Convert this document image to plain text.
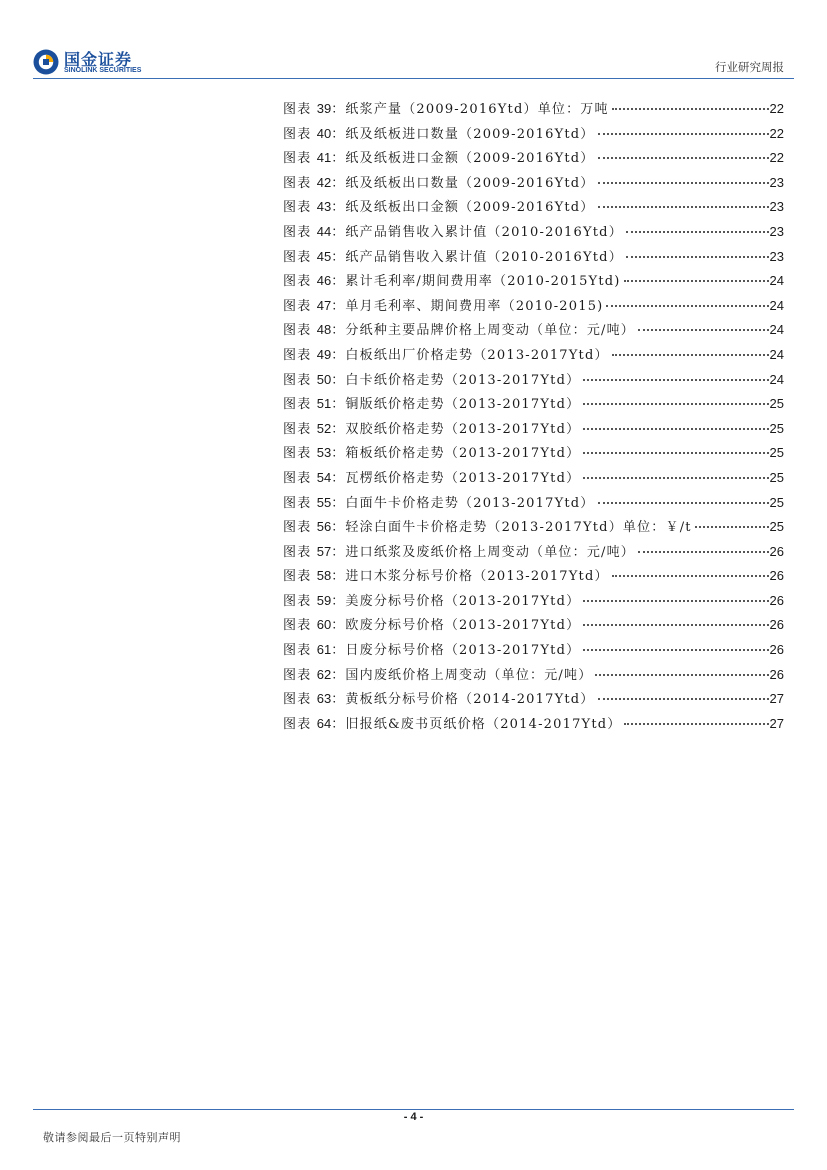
国金证券
SINOLINK SECURITIES	行业研究周报
图表 39：纸浆产量（2009-2016Ytd）单位：万吨	22
图表 40：纸及纸板进口数量（2009-2016Ytd）	22
图表 41：纸及纸板进口金额（2009-2016Ytd）	22
图表 42：纸及纸板出口数量（2009-2016Ytd）	23
图表 43：纸及纸板出口金额（2009-2016Ytd）	23
图表 44：纸产品销售收入累计值（2010-2016Ytd）	23
图表 45：纸产品销售收入累计值（2010-2016Ytd）	23
图表 46：累计毛利率/期间费用率（2010-2015Ytd)	24
图表 47：单月毛利率、期间费用率（2010-2015)	24
图表 48：分纸种主要品牌价格上周变动（单位：元/吨）	24
图表 49：白板纸出厂价格走势（2013-2017Ytd）	24
图表 50：白卡纸价格走势（2013-2017Ytd）	24
图表 51：铜版纸价格走势（2013-2017Ytd）	25
图表 52：双胶纸价格走势（2013-2017Ytd）	25
图表 53：箱板纸价格走势（2013-2017Ytd）	25
图表 54：瓦楞纸价格走势（2013-2017Ytd）	25
图表 55：白面牛卡价格走势（2013-2017Ytd）	25
图表 56：轻涂白面牛卡价格走势（2013-2017Ytd）单位：￥/t	25
图表 57：进口纸浆及废纸价格上周变动（单位：元/吨）	26
图表 58：进口木浆分标号价格（2013-2017Ytd）	26
图表 59：美废分标号价格（2013-2017Ytd）	26
图表 60：欧废分标号价格（2013-2017Ytd）	26
图表 61：日废分标号价格（2013-2017Ytd）	26
图表 62：国内废纸价格上周变动（单位：元/吨）	26
图表 63：黄板纸分标号价格（2014-2017Ytd）	27
图表 64：旧报纸&废书页纸价格（2014-2017Ytd）	27
- 4 -
敬请参阅最后一页特别声明
